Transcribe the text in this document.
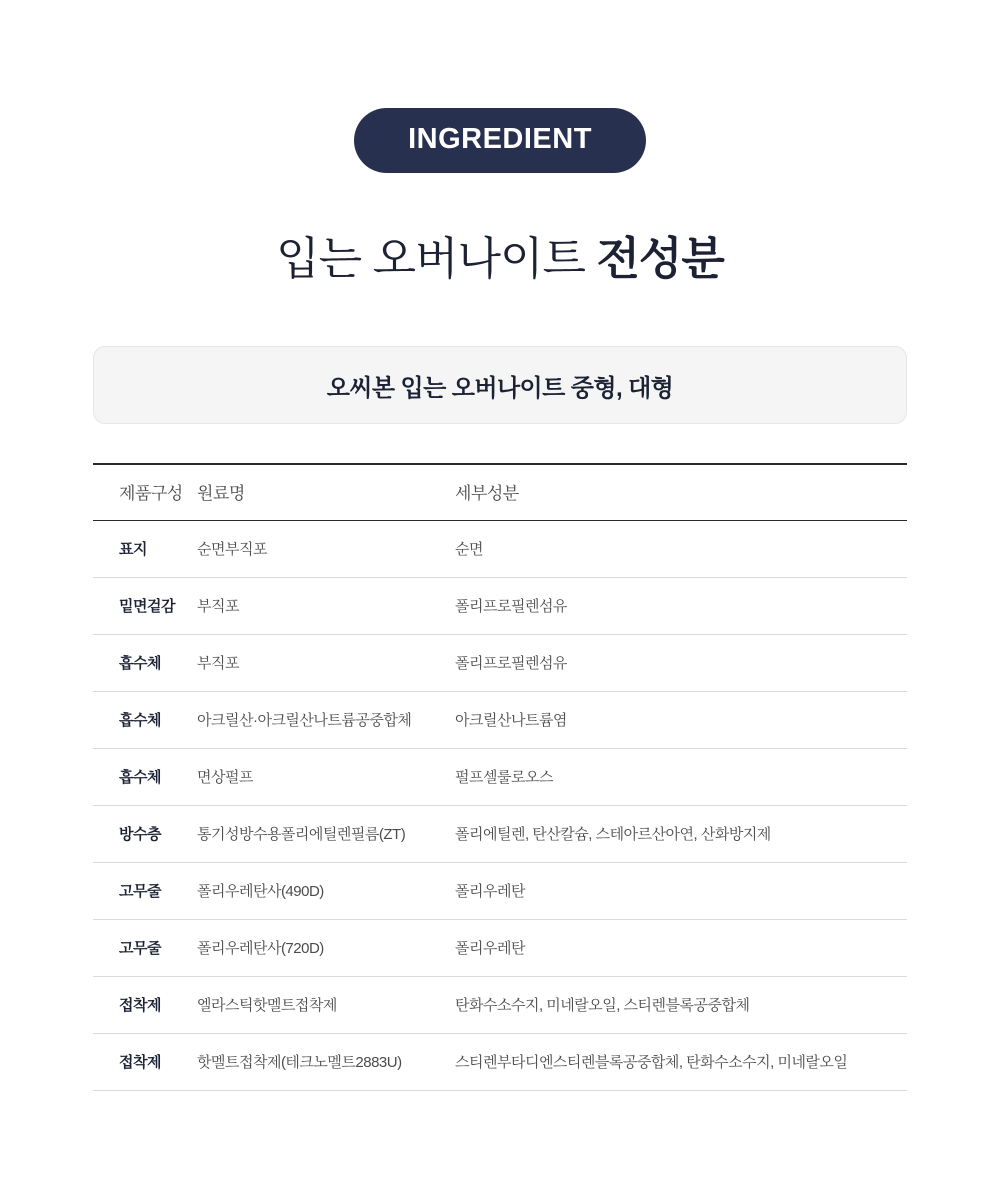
INGREDIENT
입는 오버나이트 전성분
오씨본 입는 오버나이트 중형, 대형
제품구성	원료명	세부성분
표지	순면부직포	순면
밑면겉감	부직포	폴리프로필렌섬유
흡수체	부직포	폴리프로필렌섬유
흡수체	아크릴산·아크릴산나트륨공중합체	아크릴산나트륨염
흡수체	면상펄프	펄프셀룰로오스
방수층	통기성방수용폴리에틸렌필름(ZT)	폴리에틸렌, 탄산칼슘, 스테아르산아연, 산화방지제
고무줄	폴리우레탄사(490D)	폴리우레탄
고무줄	폴리우레탄사(720D)	폴리우레탄
접착제	엘라스틱핫멜트접착제	탄화수소수지, 미네랄오일, 스티렌블록공중합체
접착제	핫멜트접착제(테크노멜트2883U)	스티렌부타디엔스티렌블록공중합체, 탄화수소수지, 미네랄오일
